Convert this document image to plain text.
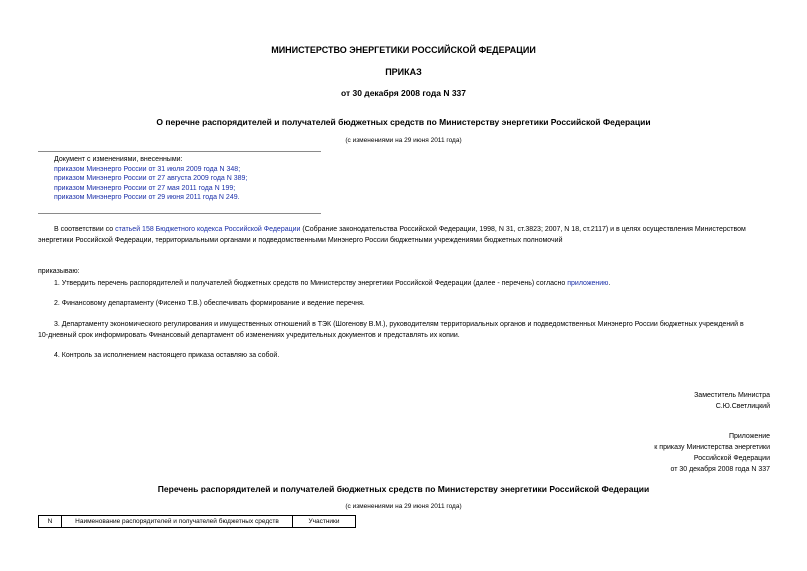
МИНИСТЕРСТВО ЭНЕРГЕТИКИ РОССИЙСКОЙ ФЕДЕРАЦИИ
ПРИКАЗ
от 30 декабря 2008 года N 337
О перечне распорядителей и получателей бюджетных средств по Министерству энергетики Российской Федерации
(с изменениями на 29 июня 2011 года)
Документ с изменениями, внесенными:
приказом Минэнерго России от 31 июля 2009 года N 348;
приказом Минэнерго России от 27 августа 2009 года N 389;
приказом Минэнерго России от 27 мая 2011 года N 199;
приказом Минэнерго России от 29 июня 2011 года N 249.
В соответствии со статьей 158 Бюджетного кодекса Российской Федерации (Собрание законодательства Российской Федерации, 1998, N 31, ст.3823; 2007, N 18, ст.2117) и в целях осуществления Министерством
энергетики Российской Федерации, территориальными органами и подведомственными Минэнерго России бюджетными учреждениями бюджетных полномочий
приказываю:
1. Утвердить перечень распорядителей и получателей бюджетных средств по Министерству энергетики Российской Федерации (далее - перечень) согласно приложению.
2. Финансовому департаменту (Фисенко Т.В.) обеспечивать формирование и ведение перечня.
3. Департаменту экономического регулирования и имущественных отношений в ТЭК (Шогенову В.М.), руководителям территориальных органов и подведомственных Минэнерго России бюджетных учреждений в
10-дневный срок информировать Финансовый департамент об изменениях учредительных документов и представлять их копии.
4. Контроль за исполнением настоящего приказа оставляю за собой.
Заместитель Министра
С.Ю.Светлицкий
Приложение
к приказу Министерства энергетики
Российской Федерации
от 30 декабря 2008 года N 337
Перечень распорядителей и получателей бюджетных средств по Министерству энергетики Российской Федерации
(с изменениями на 29 июня 2011 года)
N	Наименование распорядителей и получателей бюджетных средств	Участники
